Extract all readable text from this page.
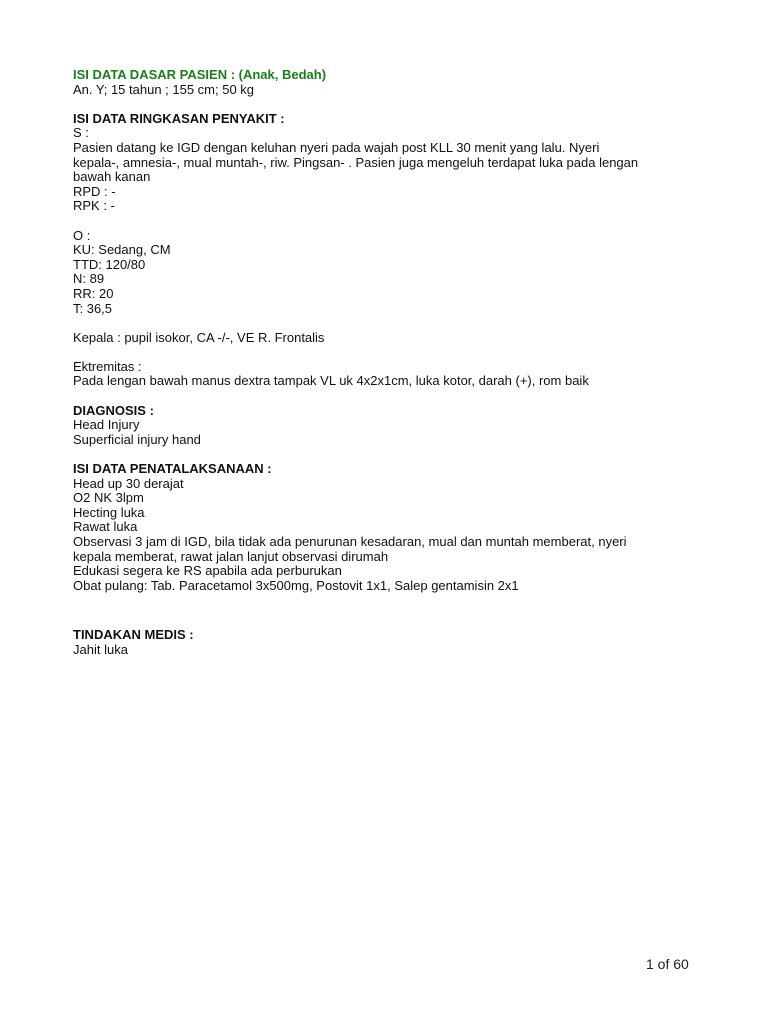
ISI DATA DASAR PASIEN : (Anak, Bedah)
An. Y; 15 tahun ; 155 cm; 50 kg
ISI DATA RINGKASAN PENYAKIT :
S :
Pasien datang ke IGD dengan keluhan nyeri pada wajah post KLL 30 menit yang lalu. Nyeri
kepala-, amnesia-, mual muntah-, riw. Pingsan- . Pasien juga mengeluh terdapat luka pada lengan
bawah kanan
RPD : -
RPK : -
O :
KU: Sedang, CM
TTD: 120/80
N: 89
RR: 20
T: 36,5
Kepala : pupil isokor, CA -/-, VE R. Frontalis
Ektremitas :
Pada lengan bawah manus dextra tampak VL uk 4x2x1cm, luka kotor, darah (+), rom baik
DIAGNOSIS :
Head Injury
Superficial injury hand
ISI DATA PENATALAKSANAAN :
Head up 30 derajat
O2 NK 3lpm
Hecting luka
Rawat luka
Observasi 3 jam di IGD, bila tidak ada penurunan kesadaran, mual dan muntah memberat, nyeri
kepala memberat, rawat jalan lanjut observasi dirumah
Edukasi segera ke RS apabila ada perburukan
Obat pulang: Tab. Paracetamol 3x500mg, Postovit 1x1, Salep gentamisin 2x1
TINDAKAN MEDIS :
Jahit luka
1 of 60
